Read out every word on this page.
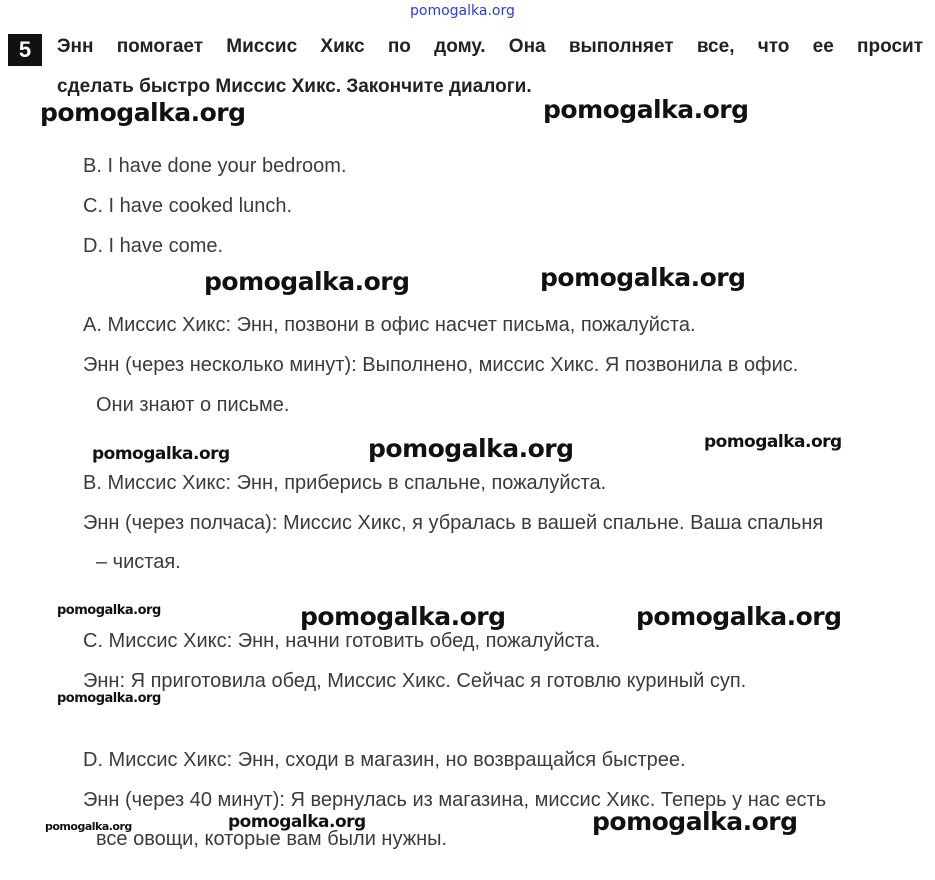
5	Энн помогает Миссис Хикс по дому. Она выполняет все, что ее просит
сделать быстро Миссис Хикс. Закончите диалоги.
B. I have done your bedroom.
C. I have cooked lunch.
D. I have come.
A. Миссис Хикс: Энн, позвони в офис насчет письма, пожалуйста.
Энн (через несколько минут): Выполнено, миссис Хикс. Я позвонила в офис.
Они знают о письме.
B. Миссис Хикс: Энн, приберись в спальне, пожалуйста.
Энн (через полчаса): Миссис Хикс, я убралась в вашей спальне. Ваша спальня
– чистая.
C. Миссис Хикс: Энн, начни готовить обед, пожалуйста.
Энн: Я приготовила обед, Миссис Хикс. Сейчас я готовлю куриный суп.
D. Миссис Хикс: Энн, сходи в магазин, но возвращайся быстрее.
Энн (через 40 минут): Я вернулась из магазина, миссис Хикс. Теперь у нас есть
все овощи, которые вам были нужны.
pomogalka.org
pomogalka.org	pomogalka.org
pomogalka.org	pomogalka.org
pomogalka.org	pomogalka.org	pomogalka.org
pomogalka.org	pomogalka.org	pomogalka.org
pomogalka.org
pomogalka.org	pomogalka.org	pomogalka.org
